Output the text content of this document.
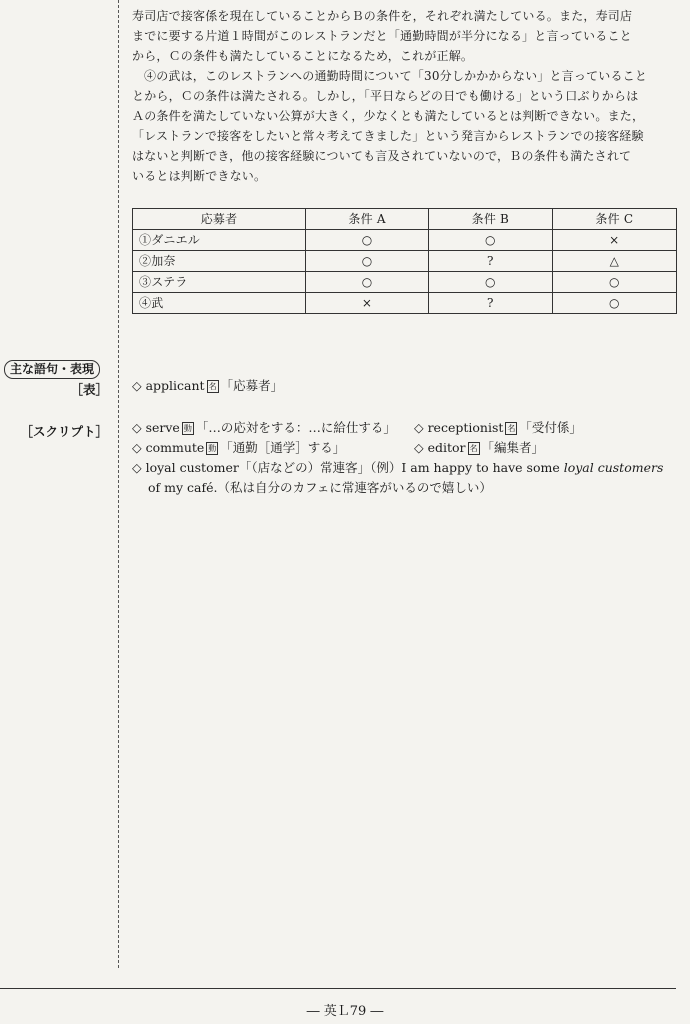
寿司店で接客係を現在していることからＢの条件を，それぞれ満たしている。また，寿司店

までに要する片道１時間がこのレストランだと「通勤時間が半分になる」と言っていること

から，Ｃの条件も満たしていることになるため，これが正解。

④の武は，このレストランへの通勤時間について「30分しかかからない」と言っていること

とから，Ｃの条件は満たされる。しかし，「平日ならどの日でも働ける」という口ぶりからは

Ａの条件を満たしていない公算が大きく，少なくとも満たしているとは判断できない。また，

「レストランで接客をしたいと常々考えてきました」という発言からレストランでの接客経験

はないと判断でき，他の接客経験についても言及されていないので，Ｂの条件も満たされて

いるとは判断できない。

応募者	条件 A	条件 B	条件 C
①ダニエル	○	○	×
②加奈	○	?	△
③ステラ	○	○	○
④武	×	?	○
主な語句・表現
［表］
［スクリプト］
◇ applicant 名 「応募者」
◇ serve 動 「…の応対をする：…に給仕する」 ◇ receptionist 名 「受付係」
◇ commute 動 「通勤［通学］する」	◇ editor 名 「編集者」
◇ loyal customer「（店などの）常連客」（例）I am happy to have some loyal customers
of my café.（私は自分のカフェに常連客がいるので嬉しい）
― 英Ｌ79 ―
